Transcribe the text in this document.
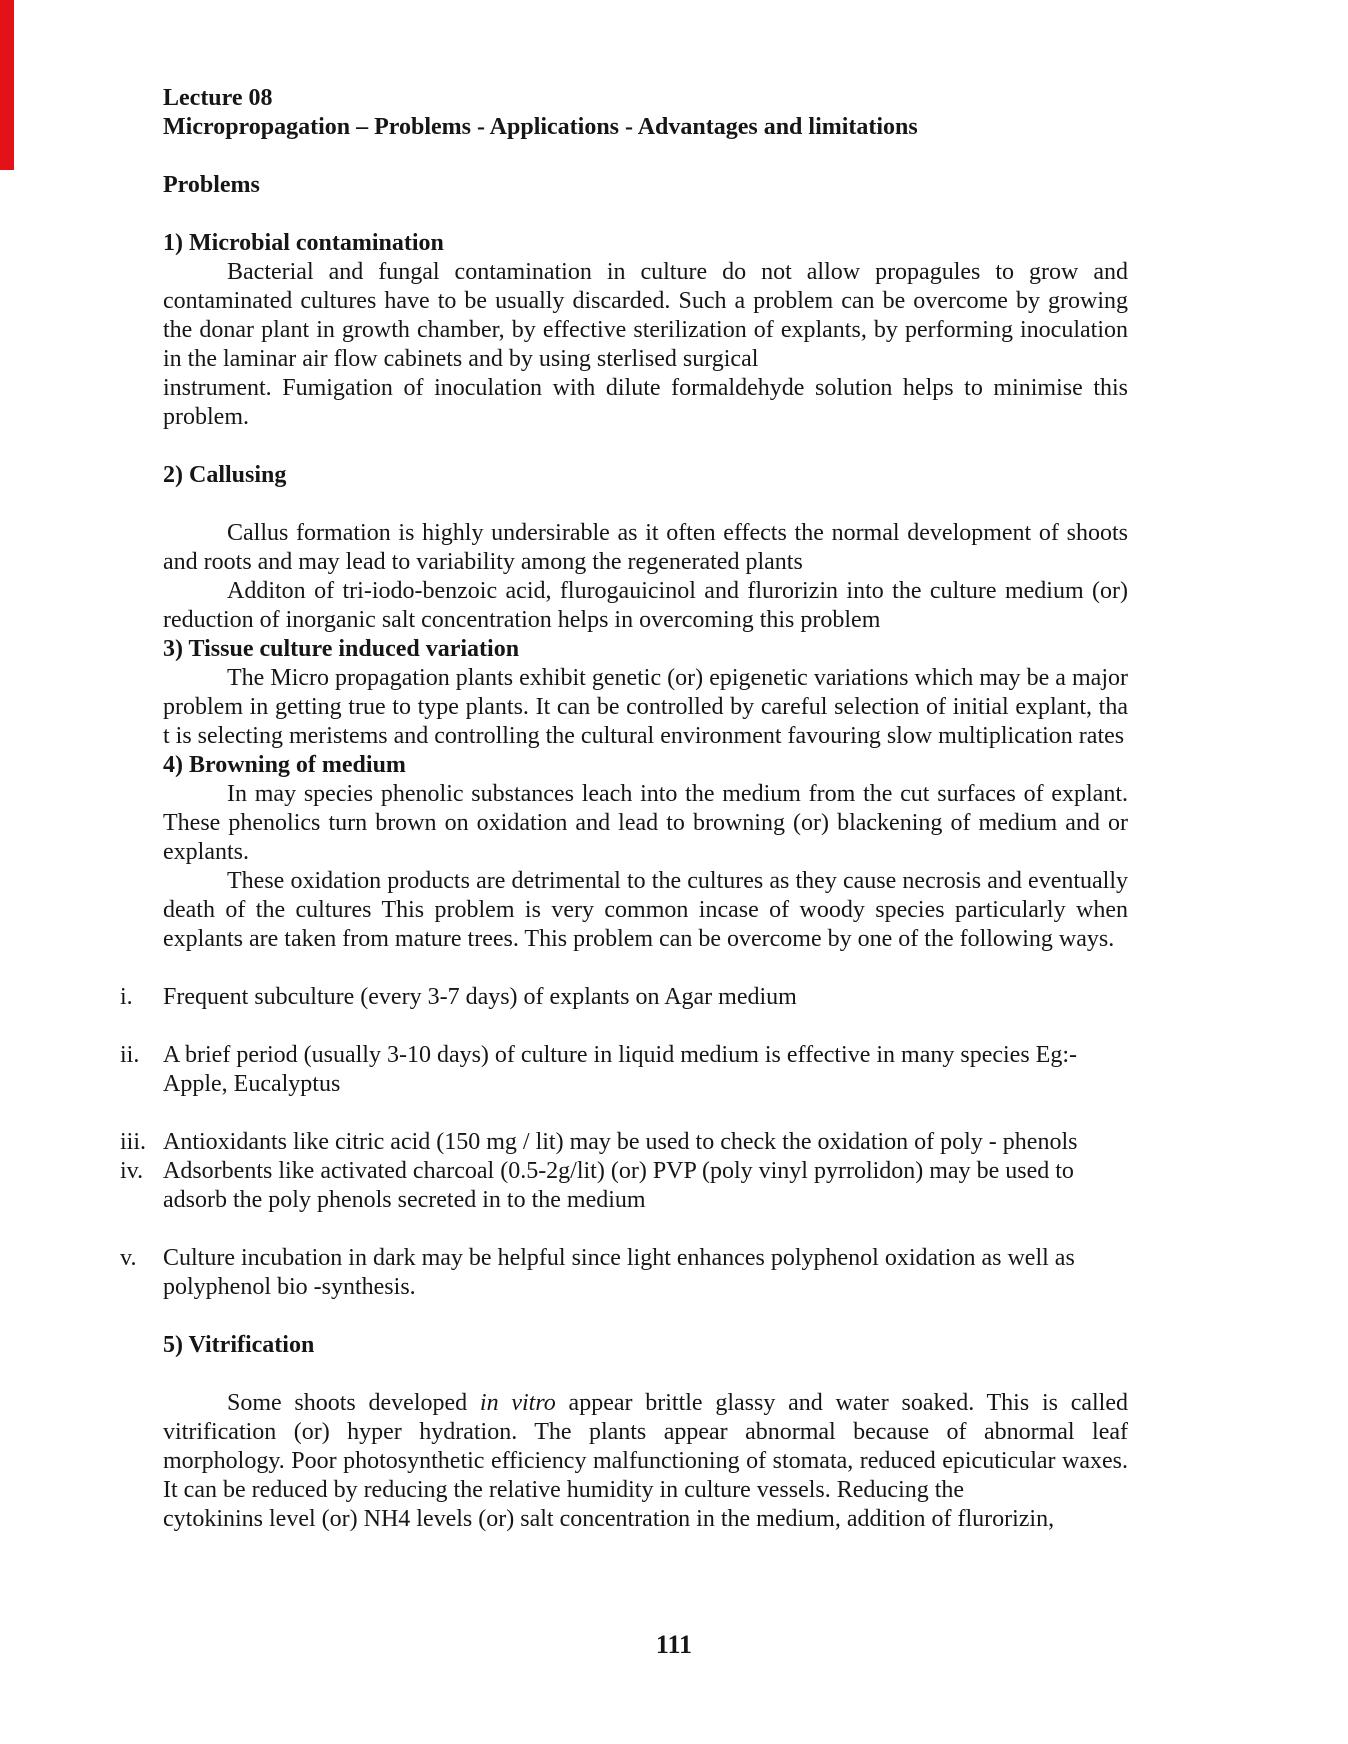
Lecture 08
Micropropagation – Problems - Applications - Advantages and limitations
Problems
1) Microbial contamination
Bacterial and fungal contamination in culture do not allow propagules to grow and contaminated cultures have to be usually discarded. Such a problem can be overcome by growing the donar plant in growth chamber, by effective sterilization of explants, by performing inoculation in the laminar air flow cabinets and by using sterlised surgical
instrument. Fumigation of inoculation with dilute formaldehyde solution helps to minimise this problem.
2) Callusing
Callus formation is highly undersirable as it often effects the normal development of shoots and roots and may lead to variability among the regenerated plants
Additon of tri-iodo-benzoic acid, flurogauicinol and flurorizin into the culture medium (or) reduction of inorganic salt concentration helps in overcoming this problem
3) Tissue culture induced variation
The Micro propagation plants exhibit genetic (or) epigenetic variations which may be a major problem in getting true to type plants. It can be controlled by careful selection of initial explant, tha t is selecting meristems and controlling the cultural environment favouring slow multiplication rates
4) Browning of medium
In may species phenolic substances leach into the medium from the cut surfaces of explant. These phenolics turn brown on oxidation and lead to browning (or) blackening of medium and or explants.
These oxidation products are detrimental to the cultures as they cause necrosis and eventually death of the cultures This problem is very common incase of woody species particularly when explants are taken from mature trees. This problem can be overcome by one of the following ways.
i.	Frequent subculture (every 3-7 days) of explants on Agar medium
ii. A brief period (usually 3-10 days) of culture in liquid medium is effective in many species Eg:- Apple, Eucalyptus
iii. Antioxidants like citric acid (150 mg / lit) may be used to check the oxidation of poly - phenols
iv. Adsorbents like activated charcoal (0.5-2g/lit) (or) PVP (poly vinyl pyrrolidon) may be used to adsorb the poly phenols secreted in to the medium
v.	Culture incubation in dark may be helpful since light enhances polyphenol oxidation as well as polyphenol bio -synthesis.
5) Vitrification
Some shoots developed in vitro appear brittle glassy and water soaked. This is called vitrification (or) hyper hydration. The plants appear abnormal because of abnormal leaf morphology. Poor photosynthetic efficiency malfunctioning of stomata, reduced epicuticular waxes. It can be reduced by reducing the relative humidity in culture vessels. Reducing the
cytokinins level (or) NH4 levels (or) salt concentration in the medium, addition of flurorizin,
111
